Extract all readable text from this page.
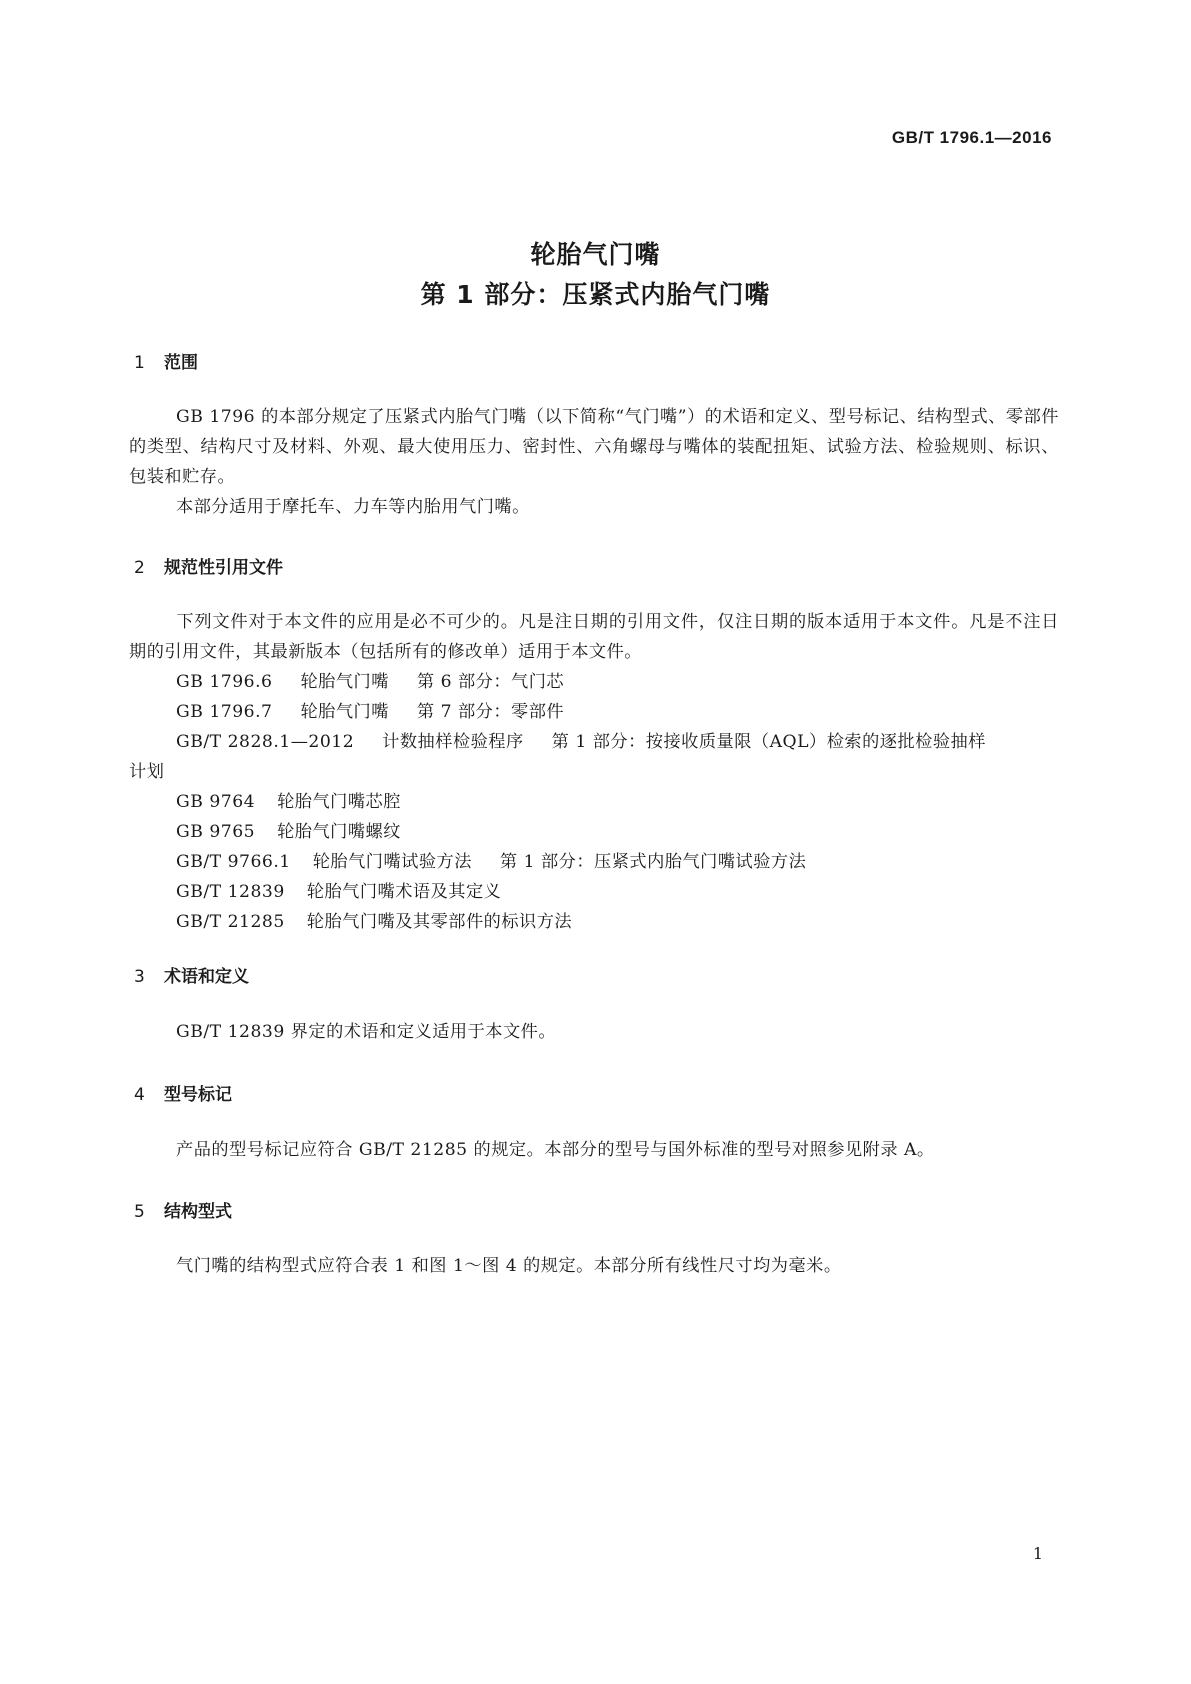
GB/T 1796.1—2016
轮胎气门嘴
第 1 部分：压紧式内胎气门嘴
1 范围
GB 1796 的本部分规定了压紧式内胎气门嘴（以下简称“气门嘴”）的术语和定义、型号标记、结构型式、零部件的类型、结构尺寸及材料、外观、最大使用压力、密封性、六角螺母与嘴体的装配扭矩、试验方法、检验规则、标识、包装和贮存。
本部分适用于摩托车、力车等内胎用气门嘴。
2 规范性引用文件
下列文件对于本文件的应用是必不可少的。凡是注日期的引用文件，仅注日期的版本适用于本文件。凡是不注日期的引用文件，其最新版本（包括所有的修改单）适用于本文件。
GB 1796.6 轮胎气门嘴 第 6 部分：气门芯
GB 1796.7 轮胎气门嘴 第 7 部分：零部件
GB/T 2828.1—2012 计数抽样检验程序 第 1 部分：按接收质量限（AQL）检索的逐批检验抽样
计划
GB 9764 轮胎气门嘴芯腔
GB 9765 轮胎气门嘴螺纹
GB/T 9766.1 轮胎气门嘴试验方法 第 1 部分：压紧式内胎气门嘴试验方法
GB/T 12839 轮胎气门嘴术语及其定义
GB/T 21285 轮胎气门嘴及其零部件的标识方法
3 术语和定义
GB/T 12839 界定的术语和定义适用于本文件。
4 型号标记
产品的型号标记应符合 GB/T 21285 的规定。本部分的型号与国外标准的型号对照参见附录 A。
5 结构型式
气门嘴的结构型式应符合表 1 和图 1～图 4 的规定。本部分所有线性尺寸均为毫米。
1
